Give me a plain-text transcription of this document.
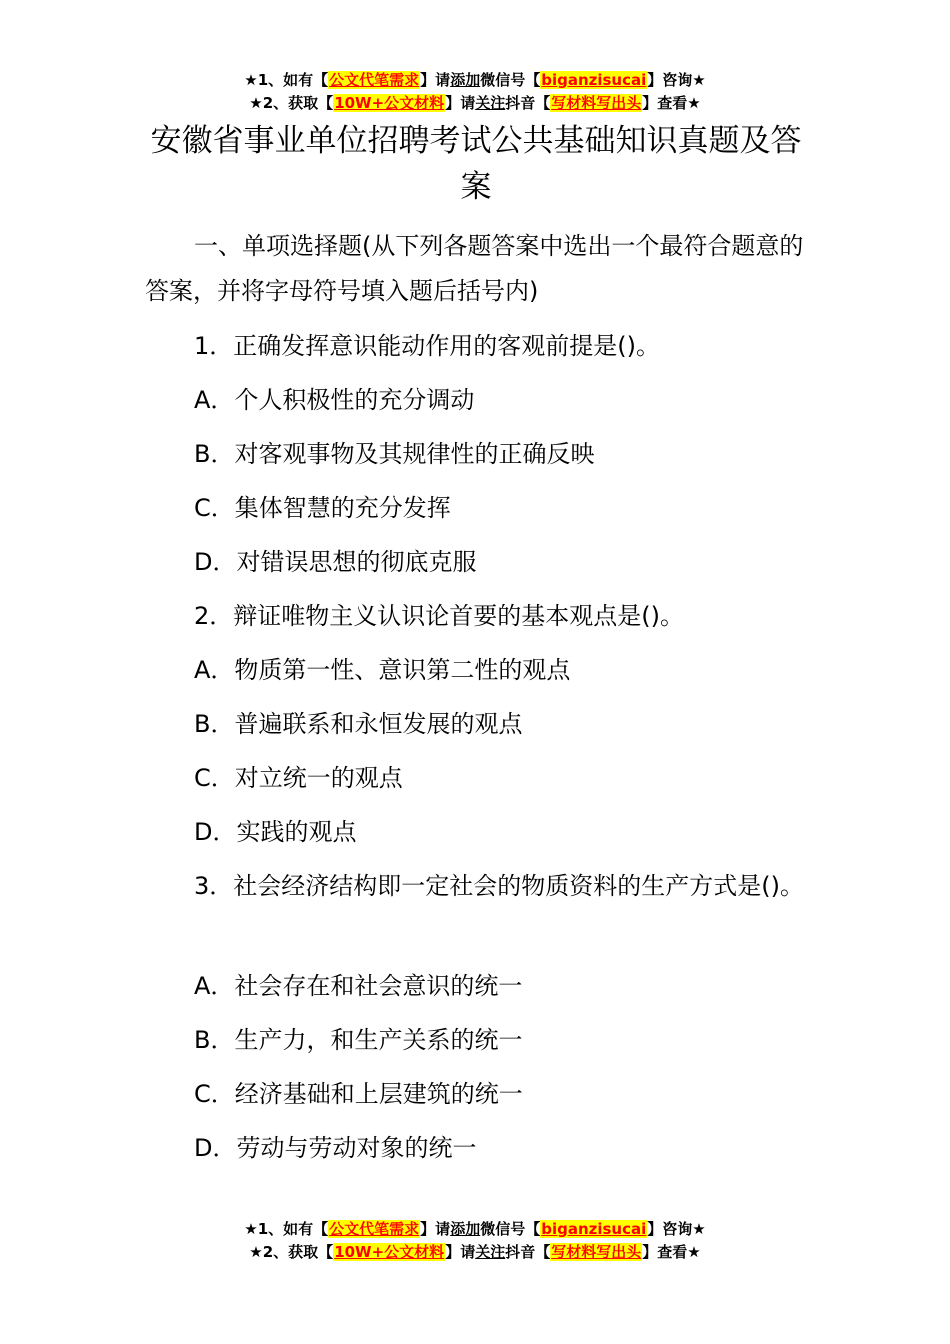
★1、如有【公文代笔需求】请添加微信号【biganzisucai】咨询★
★2、获取【10W+公文材料】请关注抖音【写材料写出头】查看★
安徽省事业单位招聘考试公共基础知识真题及答案

一、单项选择题(从下列各题答案中选出一个最符合题意的答案，并将字母符号填入题后括号内)

1．正确发挥意识能动作用的客观前提是()。

A．个人积极性的充分调动

B．对客观事物及其规律性的正确反映

C．集体智慧的充分发挥

D．对错误思想的彻底克服

2．辩证唯物主义认识论首要的基本观点是()。

A．物质第一性、意识第二性的观点

B．普遍联系和永恒发展的观点

C．对立统一的观点

D．实践的观点

3．社会经济结构即一定社会的物质资料的生产方式是()。

A．社会存在和社会意识的统一

B．生产力，和生产关系的统一

C．经济基础和上层建筑的统一

D．劳动与劳动对象的统一

★1、如有【公文代笔需求】请添加微信号【biganzisucai】咨询★
★2、获取【10W+公文材料】请关注抖音【写材料写出头】查看★
